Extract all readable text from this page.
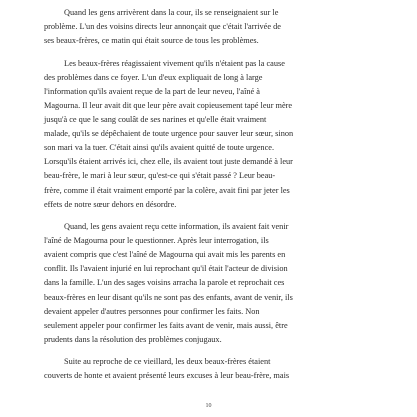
Quand les gens arrivèrent dans la cour, ils se renseignaient sur le
problème. L'un des voisins directs leur annonçait que c'était l'arrivée de
ses beaux-frères, ce matin qui était source de tous les problèmes.

Les beaux-frères réagissaient vivement qu'ils n'étaient pas la cause
des problèmes dans ce foyer. L'un d'eux expliquait de long à large
l'information qu'ils avaient reçue de la part de leur neveu, l'aîné à
Magourna. Il leur avait dit que leur père avait copieusement tapé leur mère
jusqu'à ce que le sang coulât de ses narines et qu'elle était vraiment
malade, qu'ils se dépêchaient de toute urgence pour sauver leur sœur, sinon
son mari va la tuer. C'était ainsi qu'ils avaient quitté de toute urgence.
Lorsqu'ils étaient arrivés ici, chez elle, ils avaient tout juste demandé à leur
beau-frère, le mari à leur sœur, qu'est-ce qui s'était passé ? Leur beau-
frère, comme il était vraiment emporté par la colère, avait fini par jeter les
effets de notre sœur dehors en désordre.

Quand, les gens avaient reçu cette information, ils avaient fait venir
l'aîné de Magourna pour le questionner. Après leur interrogation, ils
avaient compris que c'est l'aîné de Magourna qui avait mis les parents en
conflit. Ils l'avaient injurié en lui reprochant qu'il était l'acteur de division
dans la famille. L'un des sages voisins arracha la parole et reprochait ces
beaux-frères en leur disant qu'ils ne sont pas des enfants, avant de venir, ils
devaient appeler d'autres personnes pour confirmer les faits. Non
seulement appeler pour confirmer les faits avant de venir, mais aussi, être
prudents dans la résolution des problèmes conjugaux.

Suite au reproche de ce vieillard, les deux beaux-frères étaient
couverts de honte et avaient présenté leurs excuses à leur beau-frère, mais

10
